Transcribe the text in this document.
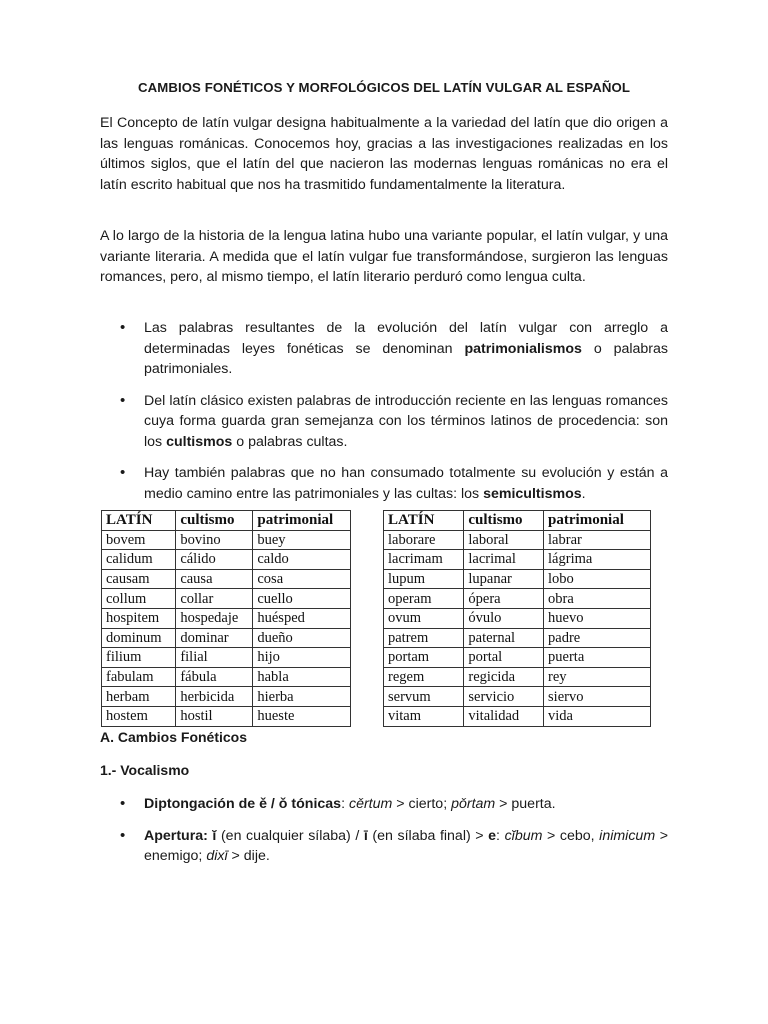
CAMBIOS FONÉTICOS Y MORFOLÓGICOS DEL LATÍN VULGAR AL ESPAÑOL

El Concepto de latín vulgar designa habitualmente a la variedad del latín que dio origen a las lenguas románicas. Conocemos hoy, gracias a las investigaciones realizadas en los últimos siglos, que el latín del que nacieron las modernas lenguas románicas no era el latín escrito habitual que nos ha trasmitido fundamentalmente la literatura.

A lo largo de la historia de la lengua latina hubo una variante popular, el latín vulgar, y una variante literaria. A medida que el latín vulgar fue transformándose, surgieron las lenguas romances, pero, al mismo tiempo, el latín literario perduró como lengua culta.

• Las palabras resultantes de la evolución del latín vulgar con arreglo a determinadas leyes fonéticas se denominan patrimonialismos o palabras patrimoniales.
• Del latín clásico existen palabras de introducción reciente en las lenguas romances cuya forma guarda gran semejanza con los términos latinos de procedencia: son los cultismos o palabras cultas.
• Hay también palabras que no han consumado totalmente su evolución y están a medio camino entre las patrimoniales y las cultas: los semicultismos.
LATÍN	cultismo	patrimonial
bovem	bovino	buey
calidum	cálido	caldo
causam	causa	cosa
collum	collar	cuello
hospitem	hospedaje	huésped
dominum	dominar	dueño
filium	filial	hijo
fabulam	fábula	habla
herbam	herbicida	hierba
hostem	hostil	hueste
LATÍN	cultismo	patrimonial
laborare	laboral	labrar
lacrimam	lacrimal	lágrima
lupum	lupanar	lobo
operam	ópera	obra
ovum	óvulo	huevo
patrem	paternal	padre
portam	portal	puerta
regem	regicida	rey
servum	servicio	siervo
vitam	vitalidad	vida
A. Cambios Fonéticos
1.- Vocalismo
• Diptongación de ě / ǒ tónicas: cěrtum > cierto; pǒrtam > puerta.
• Apertura: ĭ (en cualquier sílaba) / ī (en sílaba final) > e: cĭbum > cebo, inimicum > enemigo; dixī > dije.
